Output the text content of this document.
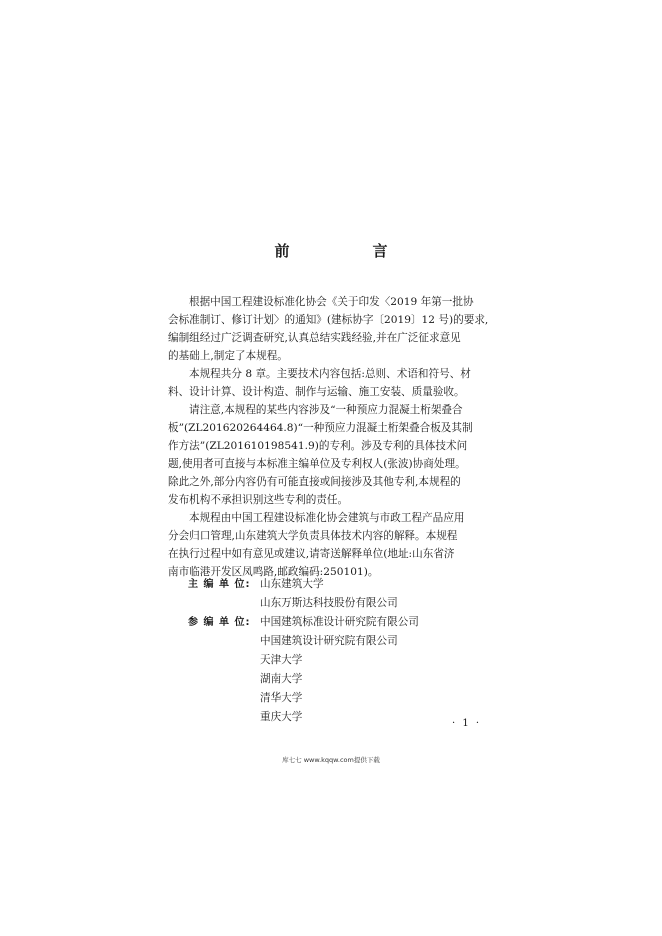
前　言

根据中国工程建设标准化协会《关于印发〈2019 年第一批协

会标准制订、修订计划〉的通知》(建标协字〔2019〕12 号)的要求,

编制组经过广泛调查研究,认真总结实践经验,并在广泛征求意见

的基础上,制定了本规程。

本规程共分 8 章。主要技术内容包括:总则、术语和符号、材

料、设计计算、设计构造、制作与运输、施工安装、质量验收。

请注意,本规程的某些内容涉及“一种预应力混凝土桁架叠合

板”(ZL201620264464.8)“一种预应力混凝土桁架叠合板及其制

作方法”(ZL201610198541.9)的专利。涉及专利的具体技术问

题,使用者可直接与本标准主编单位及专利权人(张波)协商处理。

除此之外,部分内容仍有可能直接或间接涉及其他专利,本规程的

发布机构不承担识别这些专利的责任。

本规程由中国工程建设标准化协会建筑与市政工程产品应用

分会归口管理,山东建筑大学负责具体技术内容的解释。本规程

在执行过程中如有意见或建议,请寄送解释单位(地址:山东省济

南市临港开发区凤鸣路,邮政编码:250101)。

主 编 单 位: 山东建筑大学
山东万斯达科技股份有限公司
参 编 单 位: 中国建筑标准设计研究院有限公司
中国建筑设计研究院有限公司
天津大学
湖南大学
清华大学
重庆大学
· 1 ·
库七七 www.kqqw.com提供下载
